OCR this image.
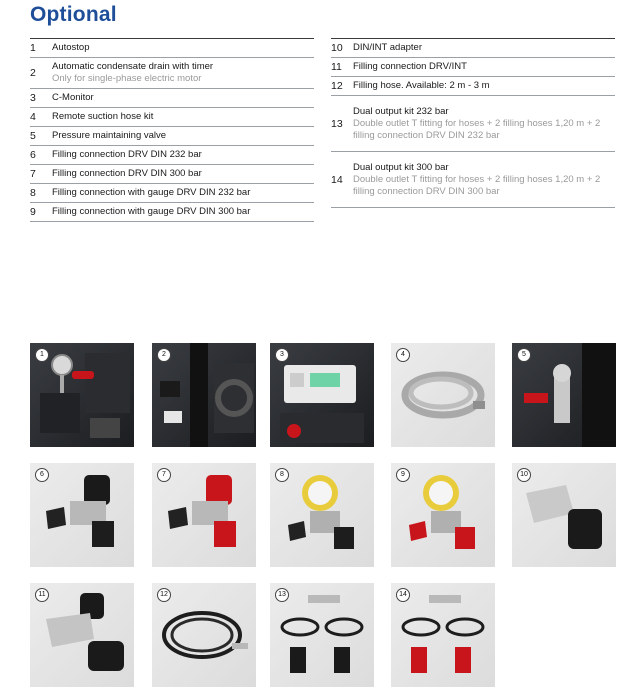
Optional
1	Autostop
2
Automatic condensate drain with timer
Only for single-phase electric motor
3	C-Monitor
4	Remote suction hose kit
5	Pressure maintaining valve
6	Filling connection DRV DIN 232 bar
7	Filling connection DRV DIN 300 bar
8	Filling connection with gauge DRV DIN 232 bar
9	Filling connection with gauge DRV DIN 300 bar
10	DIN/INT adapter
11	Filling connection DRV/INT
12	Filling hose. Available: 2 m - 3 m
13
Dual output kit 232 bar
Double outlet T fitting for hoses + 2 filling hoses 1,20 m + 2 filling connection DRV DIN 232 bar
14
Dual output kit 300 bar
Double outlet T fitting for hoses + 2 filling hoses 1,20 m + 2 filling connection DRV DIN 300 bar
1	2	3	4	5
6	7	8	9	10
11	12	13	14
